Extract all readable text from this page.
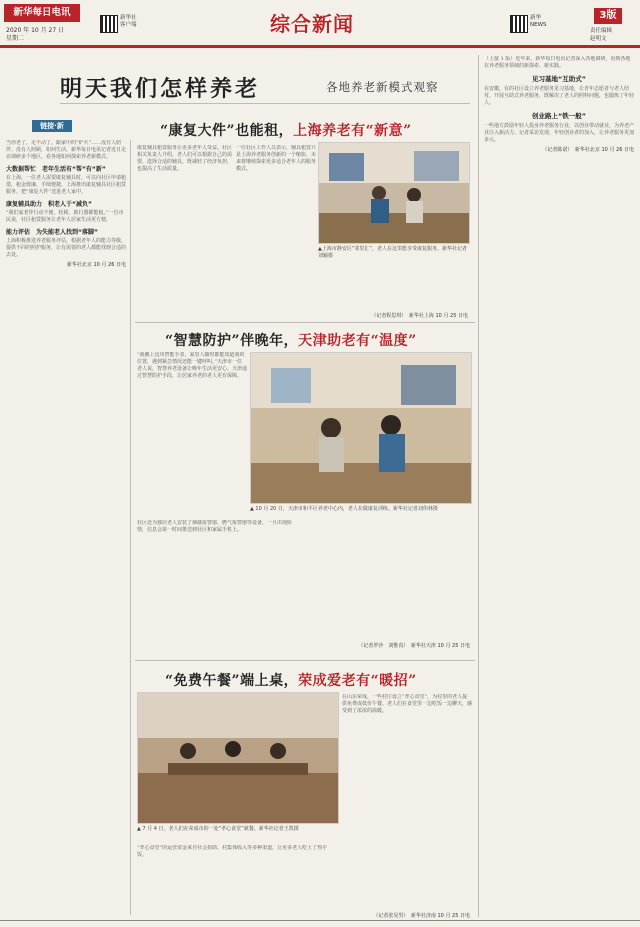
新华每日电讯
2020 年 10 月 27 日
星期二
新华社
客户端	综合新闻	新华
NEWS
3版
责任编辑
赵明文
明天我们怎样养老	各地养老新模式观察
链接·新	“康复大件”也能租，上海养老有“新意”
当你老了，走不动了，跟家中的“炉火”……没有人陪伴、没有人照顾，如何生活。新华每日电讯记者近日走访调研多个地区，看各地如何探索养老新模式。
大数据帮忙　老年生活有“帮”有“新”
在上海，一位老人需要康复辅具时，可以向社区申请租借，租金低廉、手续便捷。上海推出康复辅具社区租赁服务，把“康复大件”送进老人家中。
康复辅具助力　积老人于“减负”
“我们家老伴行动不便，轮椅、助行器都能租。”一位市民说，社区租赁服务让老年人居家生活更方便。
能力评估　为失能老人找到“落脚”
上海积极推进养老服务评估，根据老年人的能力等级，提供不同的照护服务，让有需要的老人都能找到合适的去处。
新华社北京 10 月 26 日电
康复辅具租赁服务让更多老年人受益。社区相关负责人介绍，老人们可以根据自己的需要，选择合适的辅具，既减轻了经济负担，也提高了生活质量。
一位社区工作人员表示，辅具租赁只是上海养老服务创新的一个缩影，未来将继续探索更多适合老年人的服务模式。
▲上海市静安区“邻里汇”，老人在这里能享受康复服务。新华社记者刘颖摄
（记者程思琪）　新华社上海 10 月 25 日电
“智慧防护”伴晚年，天津助老有“温度”
“我戴上这块智能手表，家里人随时都能知道我的位置，遇到紧急情况还能一键呼叫。”天津市一位老人说，智慧养老设备让晚年生活更安心。天津通过智慧防护手段，让居家养老的老人更有保障。
▲ 10 月 20 日，天津市和平区养老中心内，老人在做康复训练。新华社记者刘伟林摄
社区还为独居老人安装了烟感报警器、燃气报警器等设备，一旦出现险情，信息会第一时间推送到社区和家属手机上。
（记者罗沙　刘惟真）　新华社天津 10 月 25 日电
“免费午餐”端上桌，荣成爱老有“暖招”
▲ 7 月 4 日，老人们在荣成市的一处“孝心食堂”就餐。新华社记者王凯摄
在山东荣成，一些村庄设立“孝心食堂”，为村里的老人提供免费或低价午餐。老人们在食堂里一边吃饭一边聊天，感受到了浓浓的温暖。
“孝心食堂”的运营资金来自社会捐助、村集体收入等多种渠道，让更多老人吃上了热乎饭。
（记者张昊男）　新华社济南 10 月 25 日电
（上接 1 版）近年来，新华每日电讯记者深入各地调研，看到各地在养老服务领域的新探索、新实践。
见习基地“互助式”
在安徽，有的社区设立养老服务见习基地，让青年志愿者与老人结对，开展互助式养老服务，既解决了老人的照料问题，也锻炼了年轻人。
创业路上“铁一般”
一些地方鼓励年轻人投身养老服务行业，以创业带动就业，为养老产业注入新活力。记者采访发现，年轻创业者的加入，让养老服务更加多元。
（记者陈诺）　新华社北京 10 月 26 日电
